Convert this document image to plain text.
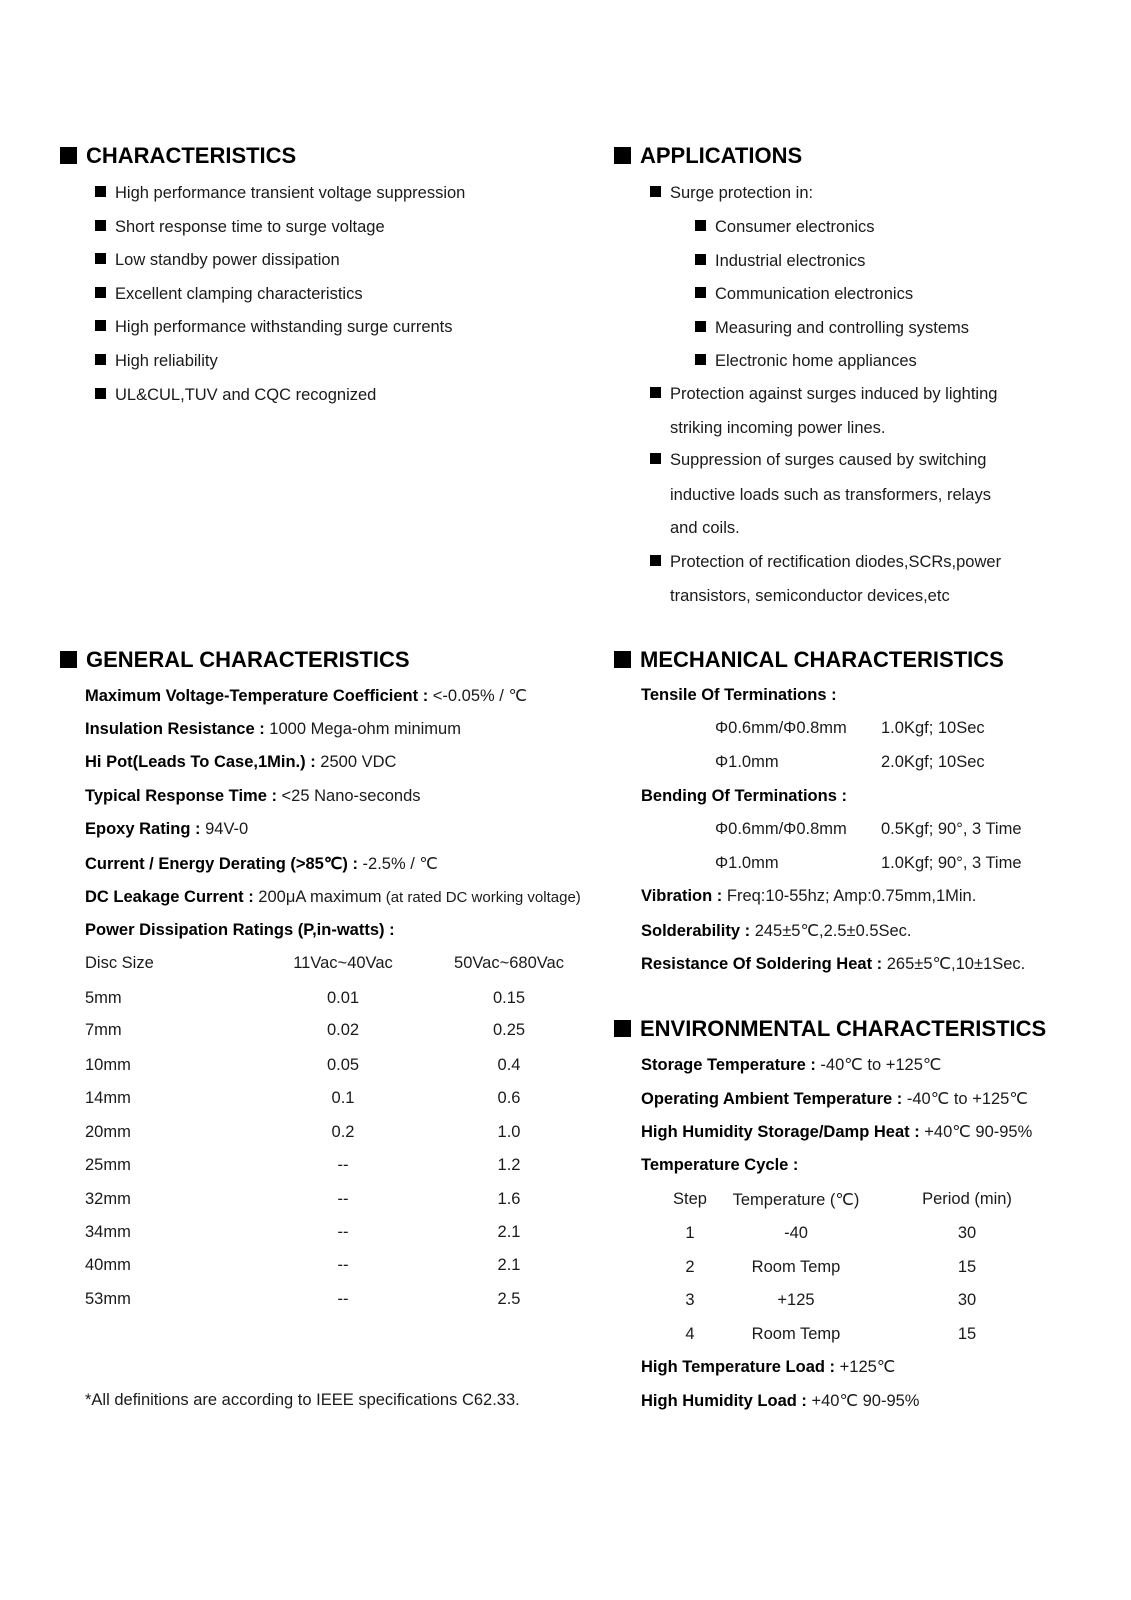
CHARACTERISTICS
High performance transient voltage suppression
Short response time to surge voltage
Low standby power dissipation
Excellent clamping characteristics
High performance withstanding surge currents
High reliability
UL&CUL,TUV and CQC recognized
APPLICATIONS
Surge protection in:
Consumer electronics
Industrial electronics
Communication electronics
Measuring and controlling systems
Electronic home appliances
Protection against surges induced by lighting
striking incoming power lines.
Suppression of surges caused by switching
inductive loads such as transformers, relays
and coils.
Protection of rectification diodes,SCRs,power
transistors, semiconductor devices,etc
GENERAL CHARACTERISTICS
Maximum Voltage-Temperature Coefficient : <-0.05% / ℃
Insulation Resistance : 1000 Mega-ohm minimum
Hi Pot(Leads To Case,1Min.) : 2500 VDC
Typical Response Time : <25 Nano-seconds
Epoxy Rating : 94V-0
Current / Energy Derating (>85℃) : -2.5% / ℃
DC Leakage Current : 200μA maximum (at rated DC working voltage)
Power Dissipation Ratings (P,in-watts) :
Disc Size	11Vac~40Vac	50Vac~680Vac
5mm	0.01	0.15
7mm	0.02	0.25
10mm	0.05	0.4
14mm	0.1	0.6
20mm	0.2	1.0
25mm	--	1.2
32mm	--	1.6
34mm	--	2.1
40mm	--	2.1
53mm	--	2.5
*All definitions are according to IEEE specifications C62.33.
MECHANICAL CHARACTERISTICS
Tensile Of Terminations :
Φ0.6mm/Φ0.8mm 1.0Kgf; 10Sec
Φ1.0mm	2.0Kgf; 10Sec
Bending Of Terminations :
Φ0.6mm/Φ0.8mm 0.5Kgf; 90°, 3 Time
Φ1.0mm	1.0Kgf; 90°, 3 Time
Vibration : Freq:10-55hz; Amp:0.75mm,1Min.
Solderability : 245±5℃,2.5±0.5Sec.
Resistance Of Soldering Heat : 265±5℃,10±1Sec.
ENVIRONMENTAL CHARACTERISTICS
Storage Temperature : -40℃ to +125℃
Operating Ambient Temperature : -40℃ to +125℃
High Humidity Storage/Damp Heat : +40℃ 90-95%
Temperature Cycle :
Step Temperature (℃)	Period (min)
1	-40	30
2	Room Temp	15
3	+125	30
4	Room Temp	15
High Temperature Load : +125℃
High Humidity Load : +40℃ 90-95%
